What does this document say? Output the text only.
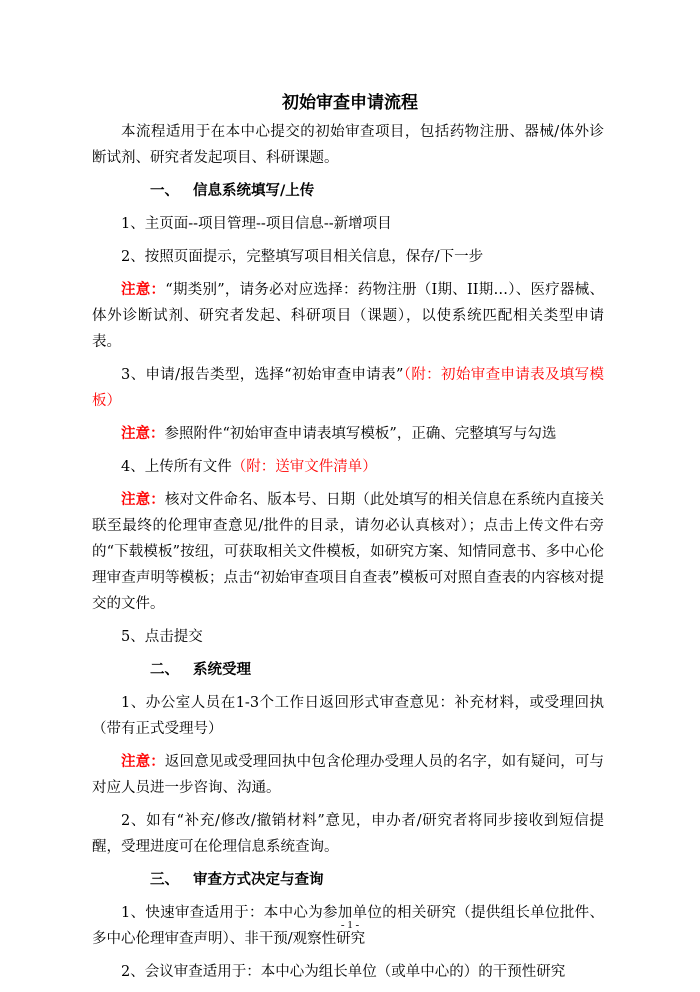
初始审查申请流程

本流程适用于在本中心提交的初始审查项目，包括药物注册、器械/体外诊断试剂、研究者发起项目、科研课题。

一、 信息系统填写/上传

1、主页面--项目管理--项目信息--新增项目

2、按照页面提示，完整填写项目相关信息，保存/下一步

注意：“期类别”，请务必对应选择：药物注册（I期、II期…）、医疗器械、体外诊断试剂、研究者发起、科研项目（课题），以使系统匹配相关类型申请表。

3、申请/报告类型，选择“初始审查申请表”（附：初始审查申请表及填写模板）

注意：参照附件“初始审查申请表填写模板”，正确、完整填写与勾选

4、上传所有文件（附：送审文件清单）

注意：核对文件命名、版本号、日期（此处填写的相关信息在系统内直接关联至最终的伦理审查意见/批件的目录，请勿必认真核对）；点击上传文件右旁的“下载模板”按纽，可获取相关文件模板，如研究方案、知情同意书、多中心伦理审查声明等模板；点击“初始审查项目自查表”模板可对照自查表的内容核对提交的文件。

5、点击提交

二、 系统受理

1、办公室人员在1-3个工作日返回形式审查意见：补充材料，或受理回执（带有正式受理号）

注意：返回意见或受理回执中包含伦理办受理人员的名字，如有疑问，可与对应人员进一步咨询、沟通。

2、如有“补充/修改/撤销材料”意见，申办者/研究者将同步接收到短信提醒，受理进度可在伦理信息系统查询。

三、 审查方式决定与查询

1、快速审查适用于：本中心为参加单位的相关研究（提供组长单位批件、多中心伦理审查声明）、非干预/观察性研究

2、会议审查适用于：本中心为组长单位（或单中心的）的干预性研究

- 1 -
